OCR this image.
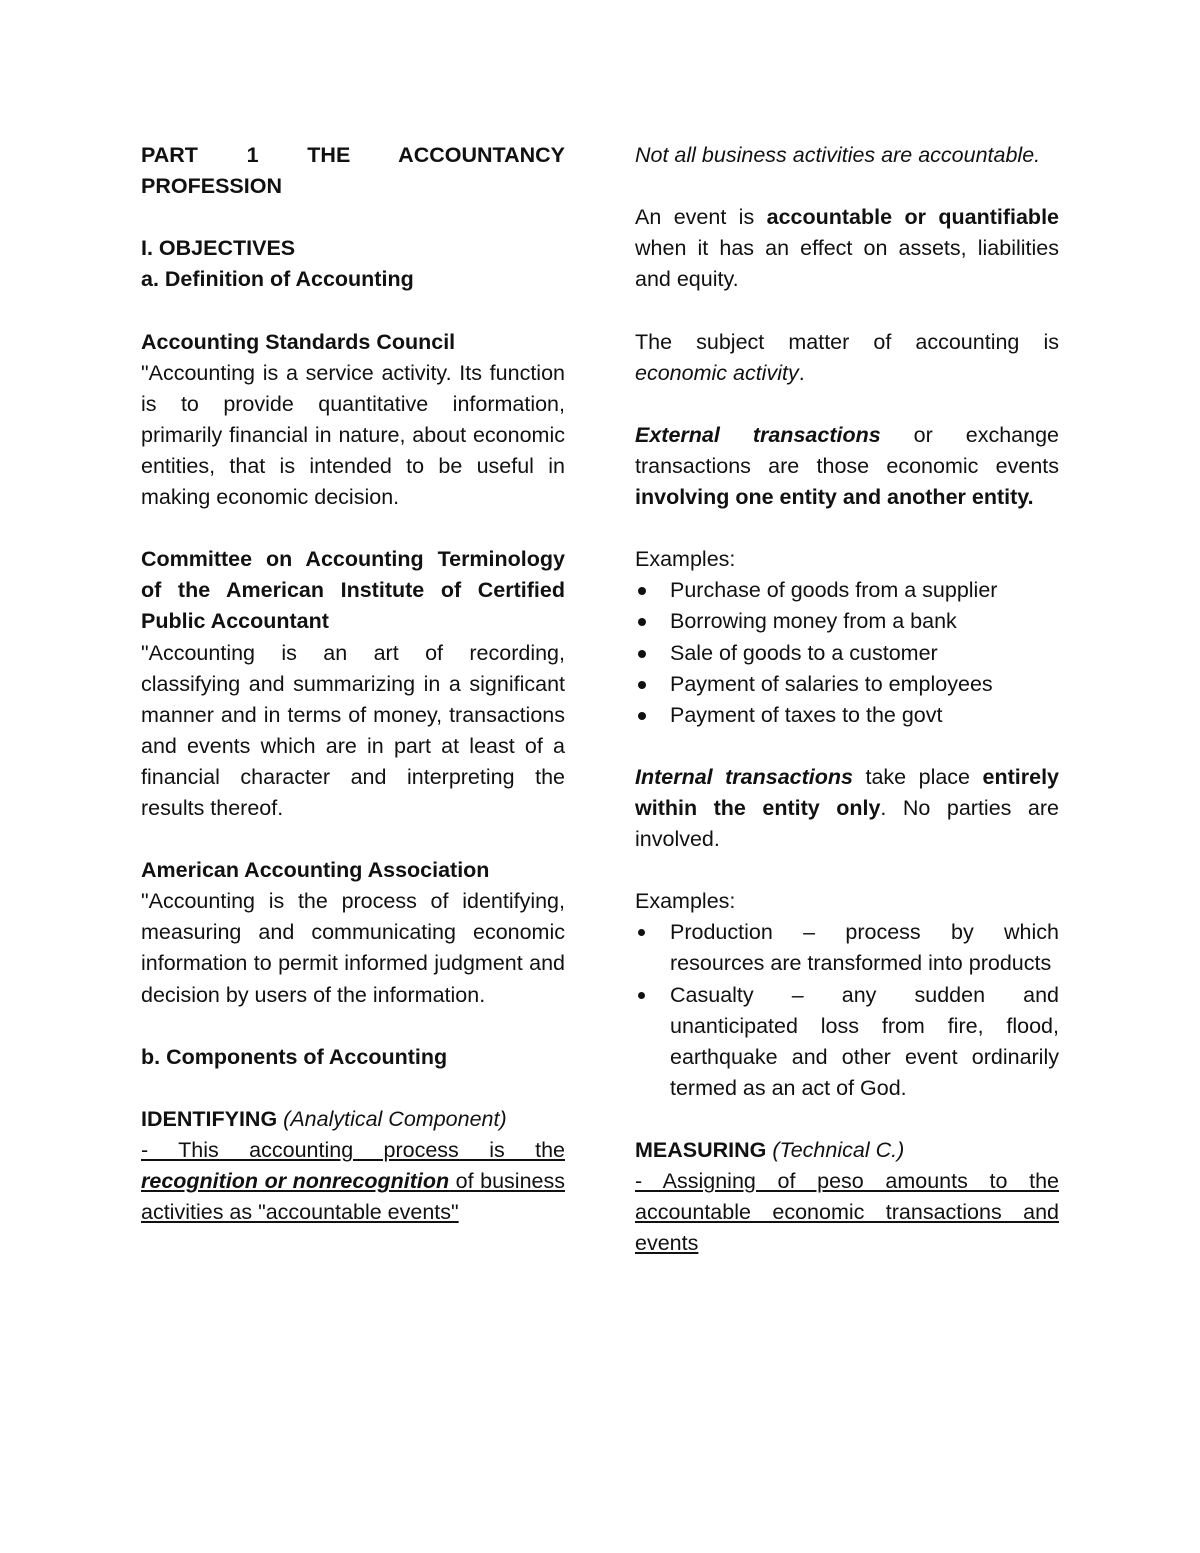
PART 1 THE ACCOUNTANCY

PROFESSION

I. OBJECTIVES

a. Definition of Accounting

Accounting Standards Council

"Accounting is a service activity. Its function is to provide quantitative information, primarily financial in nature, about economic entities, that is intended to be useful in making economic decision.

Committee on Accounting Terminology of the American Institute of Certified Public Accountant

"Accounting is an art of recording, classifying and summarizing in a significant manner and in terms of money, transactions and events which are in part at least of a financial character and interpreting the results thereof.

American Accounting Association

"Accounting is the process of identifying, measuring and communicating economic information to permit informed judgment and decision by users of the information.

b. Components of Accounting

IDENTIFYING (Analytical Component)

- This accounting process is the recognition or nonrecognition of business activities as "accountable events"

Not all business activities are accountable.

An event is accountable or quantifiable when it has an effect on assets, liabilities and equity.

The subject matter of accounting is economic activity.

External transactions or exchange transactions are those economic events involving one entity and another entity.

Examples:

Purchase of goods from a supplier
Borrowing money from a bank
Sale of goods to a customer
Payment of salaries to employees
Payment of taxes to the govt

Internal transactions take place entirely within the entity only. No parties are involved.

Examples:

Production – process by which resources are transformed into products
Casualty – any sudden and unanticipated loss from fire, flood, earthquake and other event ordinarily termed as an act of God.

MEASURING (Technical C.)

- Assigning of peso amounts to the accountable economic transactions and events
